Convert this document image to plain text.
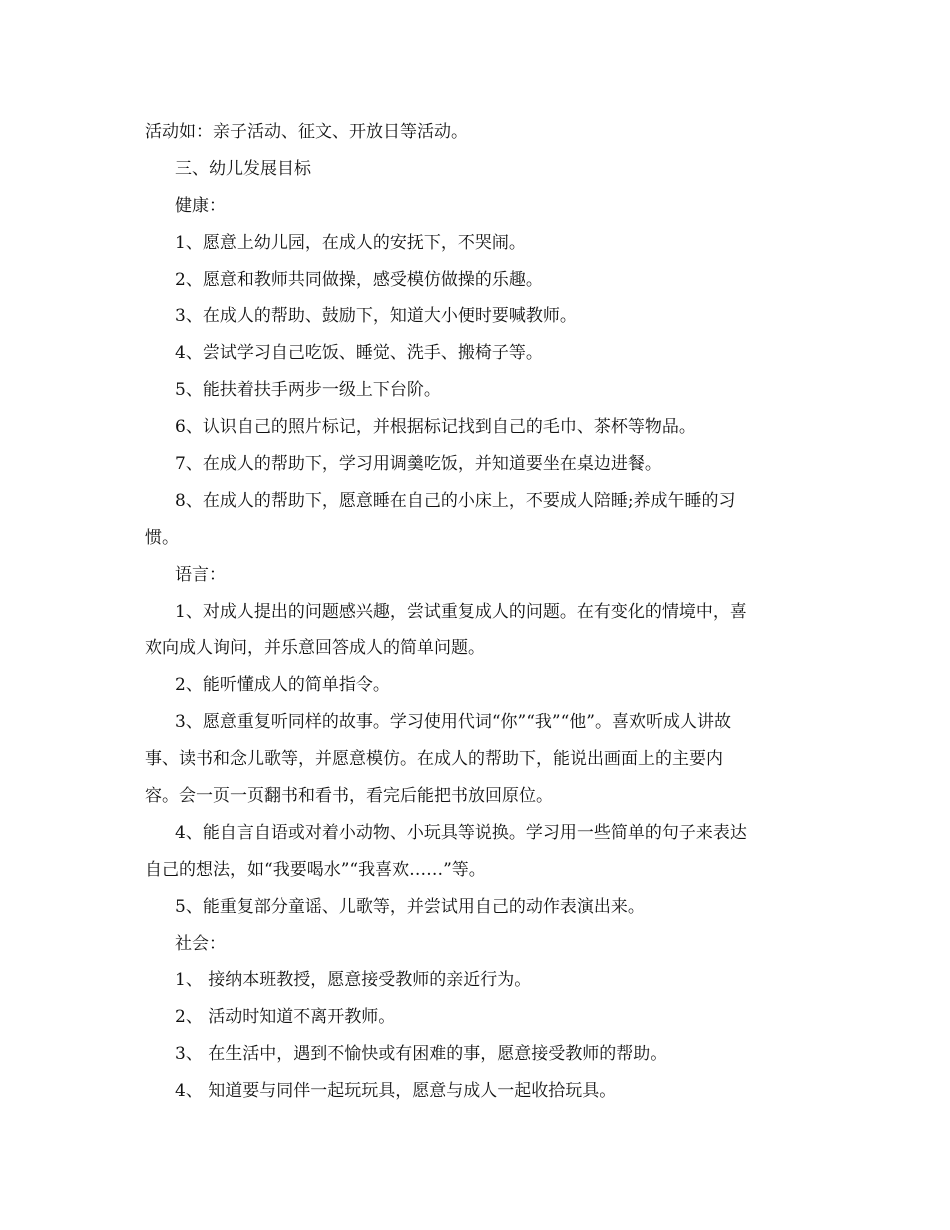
活动如：亲子活动、征文、开放日等活动。
三、幼儿发展目标
健康：
1、愿意上幼儿园，在成人的安抚下，不哭闹。
2、愿意和教师共同做操，感受模仿做操的乐趣。
3、在成人的帮助、鼓励下，知道大小便时要喊教师。
4、尝试学习自己吃饭、睡觉、洗手、搬椅子等。
5、能扶着扶手两步一级上下台阶。
6、认识自己的照片标记，并根据标记找到自己的毛巾、茶杯等物品。
7、在成人的帮助下，学习用调羹吃饭，并知道要坐在桌边进餐。
8、在成人的帮助下，愿意睡在自己的小床上，不要成人陪睡;养成午睡的习
惯。
语言：
1、对成人提出的问题感兴趣，尝试重复成人的问题。在有变化的情境中，喜
欢向成人询问，并乐意回答成人的简单问题。
2、能听懂成人的简单指令。
3、愿意重复听同样的故事。学习使用代词“你”“我”“他”。喜欢听成人讲故
事、读书和念儿歌等，并愿意模仿。在成人的帮助下，能说出画面上的主要内
容。会一页一页翻书和看书，看完后能把书放回原位。
4、能自言自语或对着小动物、小玩具等说换。学习用一些简单的句子来表达
自己的想法，如“我要喝水”“我喜欢……”等。
5、能重复部分童谣、儿歌等，并尝试用自己的动作表演出来。
社会：
1、 接纳本班教授，愿意接受教师的亲近行为。
2、 活动时知道不离开教师。
3、 在生活中，遇到不愉快或有困难的事，愿意接受教师的帮助。
4、 知道要与同伴一起玩玩具，愿意与成人一起收拾玩具。
